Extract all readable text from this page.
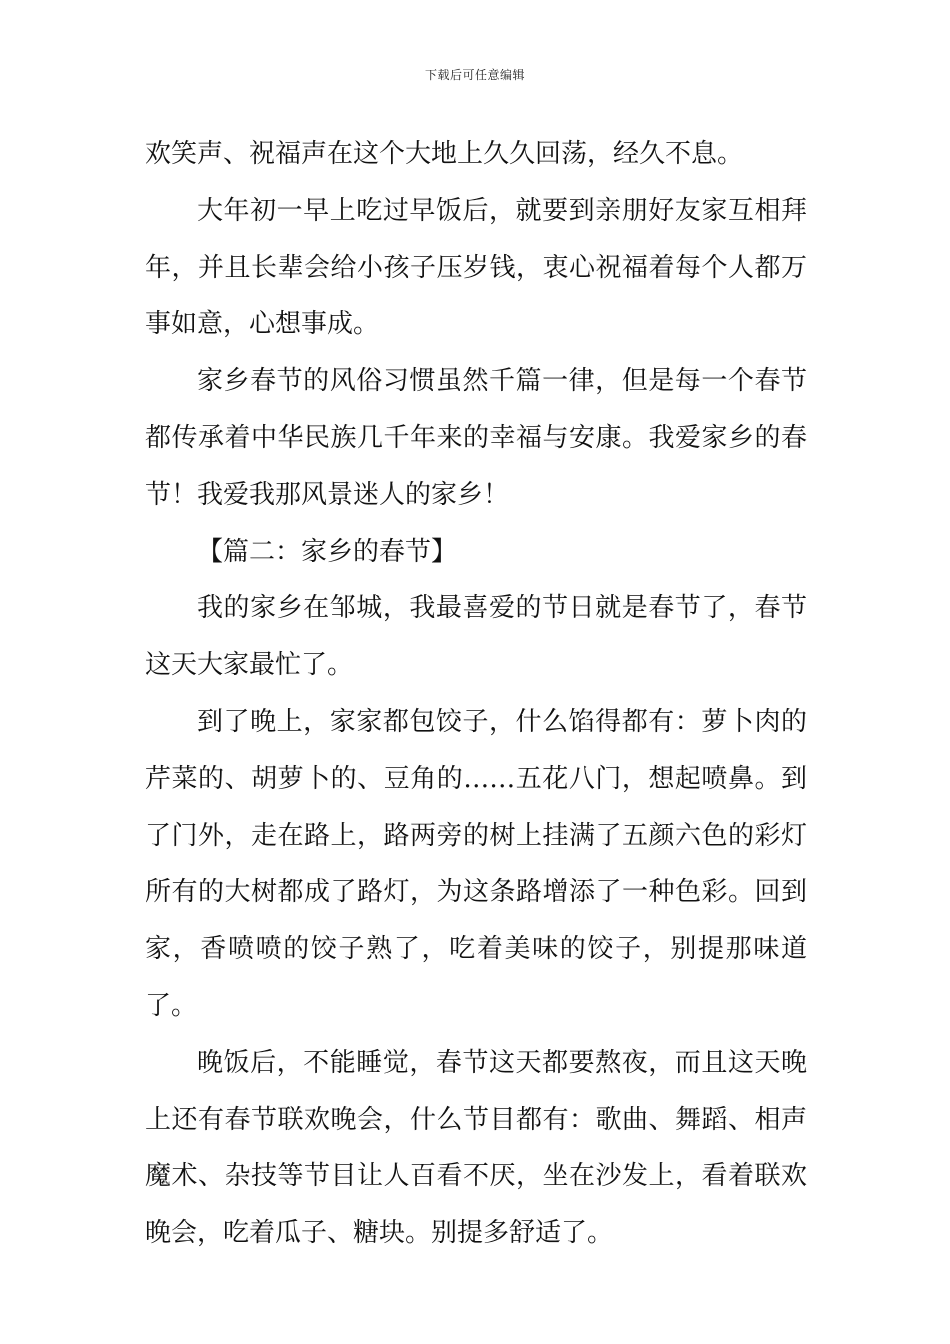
下载后可任意编辑

欢笑声、祝福声在这个大地上久久回荡，经久不息。

大年初一早上吃过早饭后，就要到亲朋好友家互相拜年，并且长辈会给小孩子压岁钱，衷心祝福着每个人都万事如意，心想事成。

家乡春节的风俗习惯虽然千篇一律，但是每一个春节都传承着中华民族几千年来的幸福与安康。我爱家乡的春节！我爱我那风景迷人的家乡！

【篇二：家乡的春节】

我的家乡在邹城，我最喜爱的节日就是春节了，春节这天大家最忙了。

到了晚上，家家都包饺子，什么馅得都有：萝卜肉的芹菜的、胡萝卜的、豆角的……五花八门，想起喷鼻。到了门外，走在路上，路两旁的树上挂满了五颜六色的彩灯所有的大树都成了路灯，为这条路增添了一种色彩。回到家，香喷喷的饺子熟了，吃着美味的饺子，别提那味道了。

晚饭后，不能睡觉，春节这天都要熬夜，而且这天晚上还有春节联欢晚会，什么节目都有：歌曲、舞蹈、相声魔术、杂技等节目让人百看不厌，坐在沙发上，看着联欢晚会，吃着瓜子、糖块。别提多舒适了。
